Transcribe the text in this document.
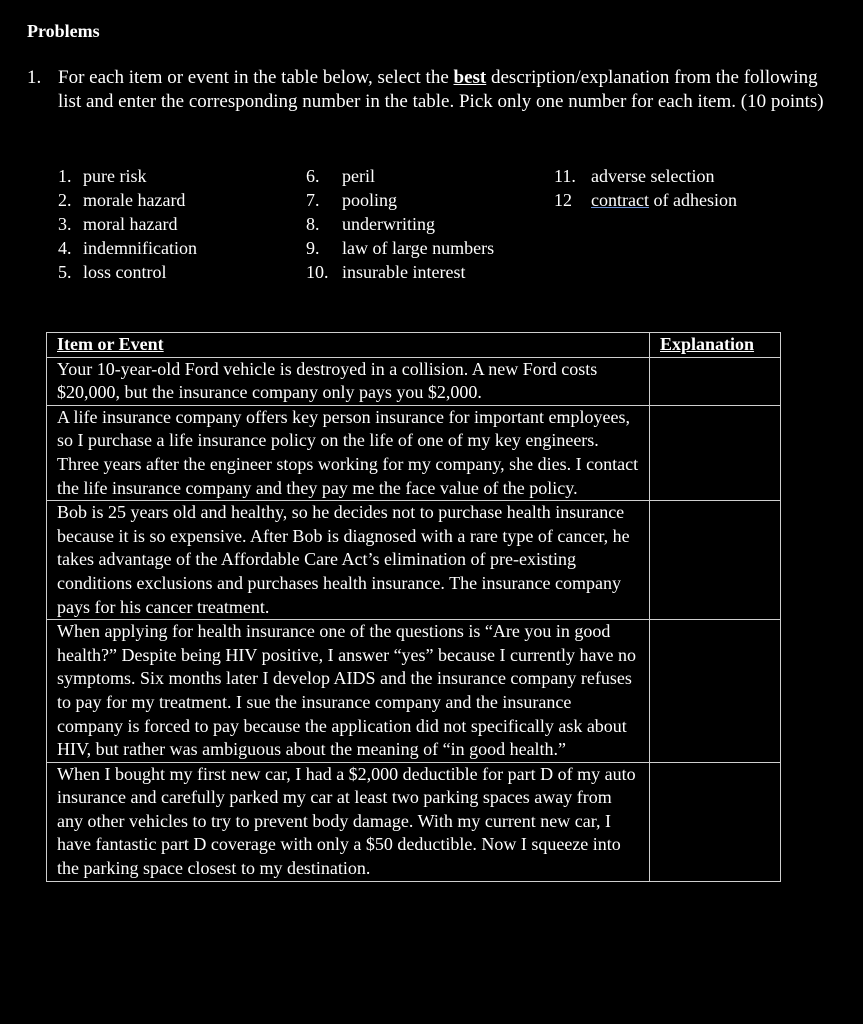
Problems
1. For each item or event in the table below, select the best description/explanation from the following list and enter the corresponding number in the table. Pick only one number for each item. (10 points)
1. pure risk
2. morale hazard
3. moral hazard
4. indemnification
5. loss control
6. peril
7. pooling
8. underwriting
9. law of large numbers
10. insurable interest
11. adverse selection
12 contract of adhesion
Item or Event	Explanation
Your 10-year-old Ford vehicle is destroyed in a collision. A new Ford costs $20,000, but the insurance company only pays you $2,000.	
A life insurance company offers key person insurance for important employees, so I purchase a life insurance policy on the life of one of my key engineers. Three years after the engineer stops working for my company, she dies. I contact the life insurance company and they pay me the face value of the policy.	
Bob is 25 years old and healthy, so he decides not to purchase health insurance because it is so expensive. After Bob is diagnosed with a rare type of cancer, he takes advantage of the Affordable Care Act’s elimination of pre-existing conditions exclusions and purchases health insurance. The insurance company pays for his cancer treatment.	
When applying for health insurance one of the questions is “Are you in good health?” Despite being HIV positive, I answer “yes” because I currently have no symptoms. Six months later I develop AIDS and the insurance company refuses to pay for my treatment. I sue the insurance company and the insurance company is forced to pay because the application did not specifically ask about HIV, but rather was ambiguous about the meaning of “in good health.”	
When I bought my first new car, I had a $2,000 deductible for part D of my auto insurance and carefully parked my car at least two parking spaces away from any other vehicles to try to prevent body damage. With my current new car, I have fantastic part D coverage with only a $50 deductible. Now I squeeze into the parking space closest to my destination.	
